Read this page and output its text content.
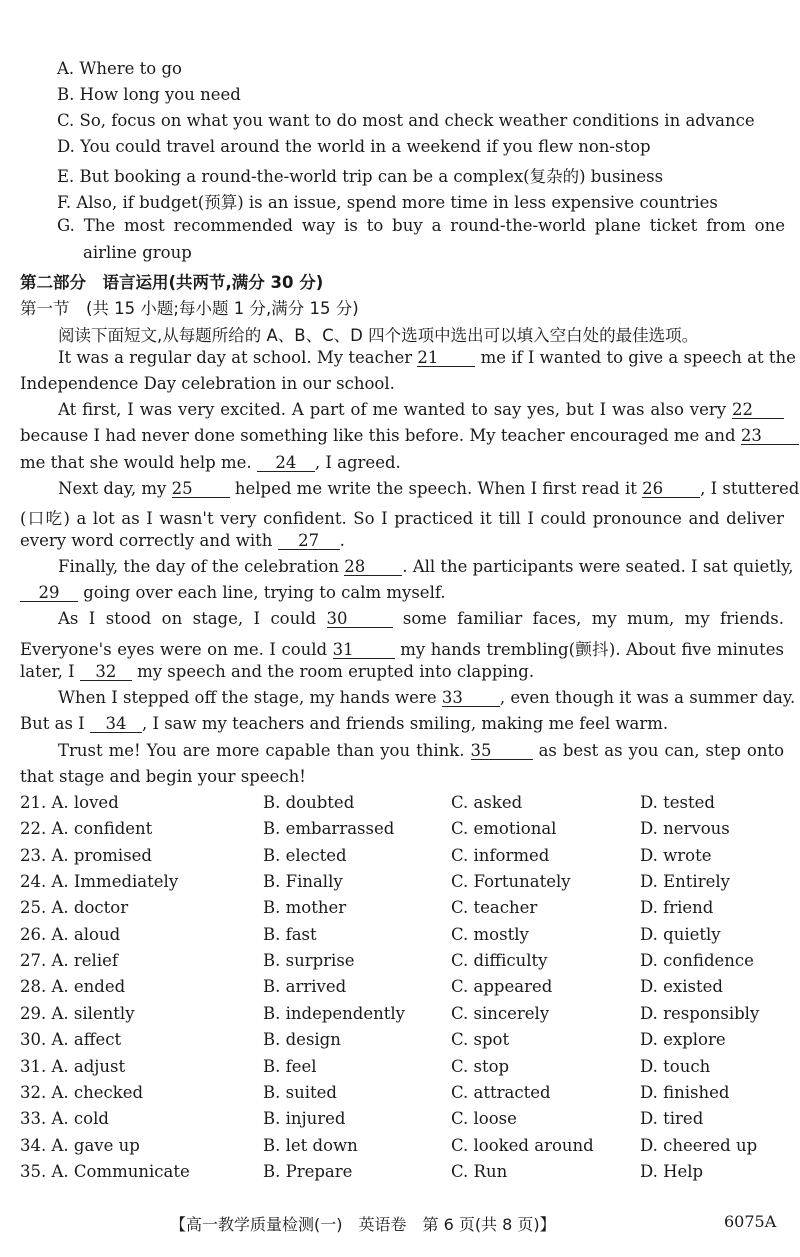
A. Where to go
B. How long you need
C. So, focus on what you want to do most and check weather conditions in advance
D. You could travel around the world in a weekend if you flew non-stop
E. But booking a round-the-world trip can be a complex(复杂的) business
F. Also, if budget(预算) is an issue, spend more time in less expensive countries
G. The most recommended way is to buy a round-the-world plane ticket from one
airline group
第二部分　语言运用(共两节,满分 30 分)
第一节　(共 15 小题;每小题 1 分,满分 15 分)
阅读下面短文,从每题所给的 A、B、C、D 四个选项中选出可以填入空白处的最佳选项。
It was a regular day at school. My teacher 21	me if I wanted to give a speech at the
Independence Day celebration in our school.
At first, I was very excited. A part of me wanted to say yes, but I was also very 22
because I had never done something like this before. My teacher encouraged me and 23
me that she would help me. 24 , I agreed.
Next day, my 25	helped me write the speech. When I first read it 26 , I stuttered
(口吃) a lot as I wasn't very confident. So I practiced it till I could pronounce and deliver
every word correctly and with 27 .
Finally, the day of the celebration 28 . All the participants were seated. I sat quietly,
29 going over each line, trying to calm myself.
As I stood on stage, I could 30	some familiar faces, my mum, my friends.
Everyone's eyes were on me. I could 31	my hands trembling(颤抖). About five minutes
later, I 32 my speech and the room erupted into clapping.
When I stepped off the stage, my hands were 33 , even though it was a summer day.
But as I 34 , I saw my teachers and friends smiling, making me feel warm.
Trust me! You are more capable than you think. 35	as best as you can, step onto
that stage and begin your speech!
21. A. loved	B. doubted	C. asked	D. tested
22. A. confident	B. embarrassed	C. emotional	D. nervous
23. A. promised	B. elected	C. informed	D. wrote
24. A. Immediately	B. Finally	C. Fortunately	D. Entirely
25. A. doctor	B. mother	C. teacher	D. friend
26. A. aloud	B. fast	C. mostly	D. quietly
27. A. relief	B. surprise	C. difficulty	D. confidence
28. A. ended	B. arrived	C. appeared	D. existed
29. A. silently	B. independently	C. sincerely	D. responsibly
30. A. affect	B. design	C. spot	D. explore
31. A. adjust	B. feel	C. stop	D. touch
32. A. checked	B. suited	C. attracted	D. finished
33. A. cold	B. injured	C. loose	D. tired
34. A. gave up	B. let down	C. looked around	D. cheered up
35. A. Communicate	B. Prepare	C. Run	D. Help
【高一教学质量检测(一)　英语卷　第 6 页(共 8 页)】	6075A
